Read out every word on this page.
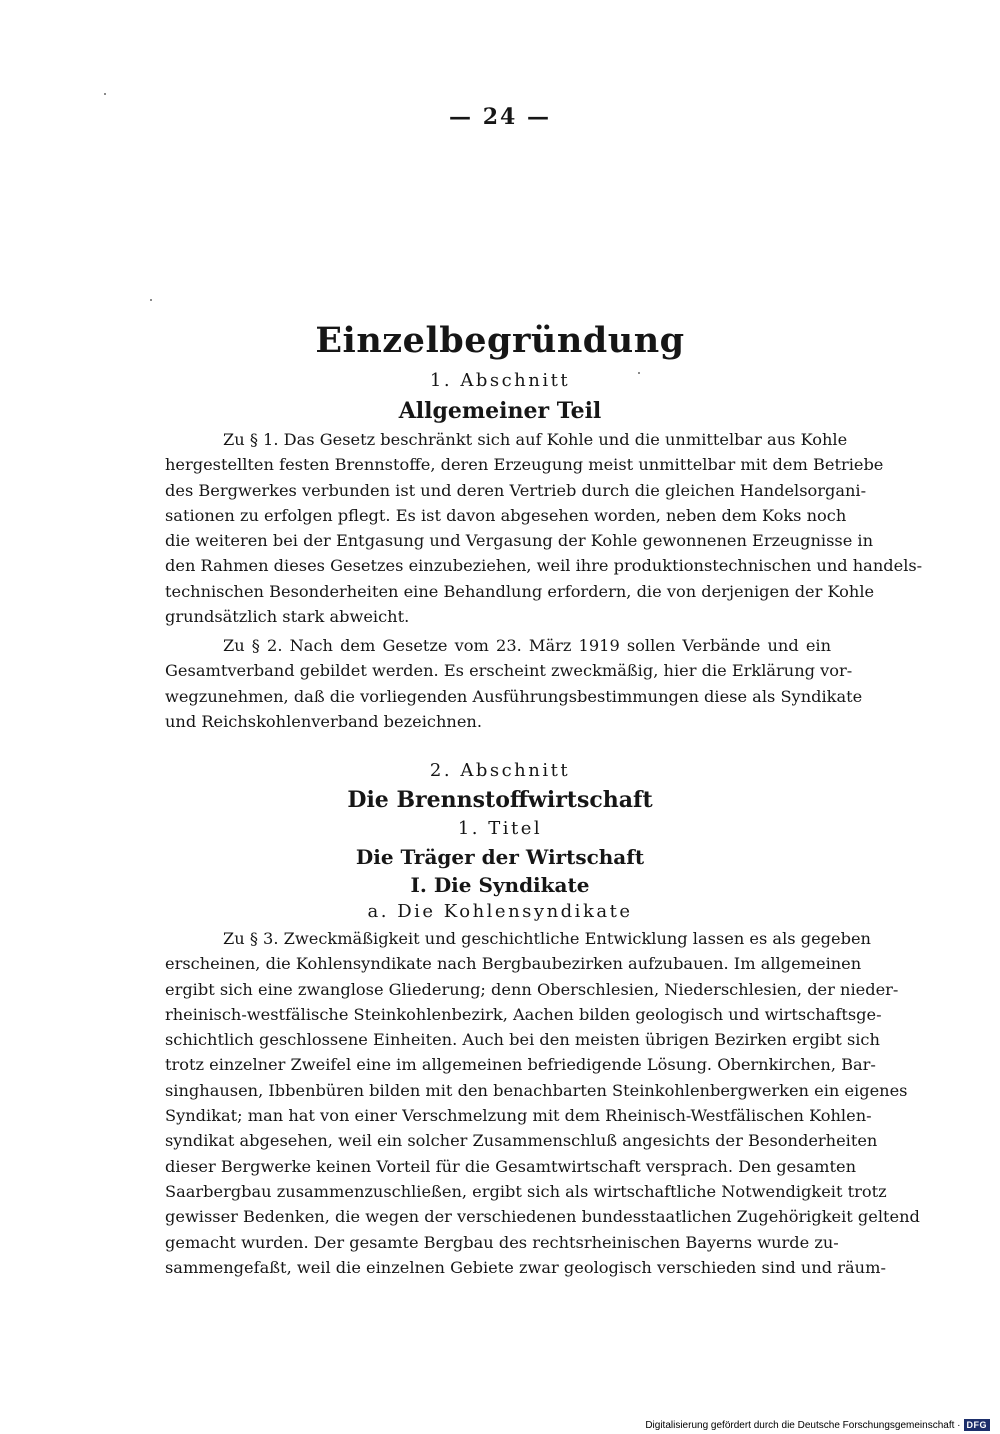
— 24 —
Einzelbegründung
1. Abschnitt
Allgemeiner Teil
Zu § 1. Das Gesetz beschränkt sich auf Kohle und die unmittelbar aus Kohle
hergestellten festen Brennstoffe, deren Erzeugung meist unmittelbar mit dem Betriebe
des Bergwerkes verbunden ist und deren Vertrieb durch die gleichen Handelsorgani-
sationen zu erfolgen pflegt. Es ist davon abgesehen worden, neben dem Koks noch
die weiteren bei der Entgasung und Vergasung der Kohle gewonnenen Erzeugnisse in
den Rahmen dieses Gesetzes einzubeziehen, weil ihre produktionstechnischen und handels-
technischen Besonderheiten eine Behandlung erfordern, die von derjenigen der Kohle
grundsätzlich stark abweicht.
Zu § 2. Nach dem Gesetze vom 23. März 1919 sollen Verbände und ein
Gesamtverband gebildet werden. Es erscheint zweckmäßig, hier die Erklärung vor-
wegzunehmen, daß die vorliegenden Ausführungsbestimmungen diese als Syndikate
und Reichskohlenverband bezeichnen.
2. Abschnitt
Die Brennstoffwirtschaft
1. Titel
Die Träger der Wirtschaft
I. Die Syndikate
a. Die Kohlensyndikate
Zu § 3. Zweckmäßigkeit und geschichtliche Entwicklung lassen es als gegeben
erscheinen, die Kohlensyndikate nach Bergbaubezirken aufzubauen. Im allgemeinen
ergibt sich eine zwanglose Gliederung; denn Oberschlesien, Niederschlesien, der nieder-
rheinisch-westfälische Steinkohlenbezirk, Aachen bilden geologisch und wirtschaftsge-
schichtlich geschlossene Einheiten. Auch bei den meisten übrigen Bezirken ergibt sich
trotz einzelner Zweifel eine im allgemeinen befriedigende Lösung. Obernkirchen, Bar-
singhausen, Ibbenbüren bilden mit den benachbarten Steinkohlenbergwerken ein eigenes
Syndikat; man hat von einer Verschmelzung mit dem Rheinisch-Westfälischen Kohlen-
syndikat abgesehen, weil ein solcher Zusammenschluß angesichts der Besonderheiten
dieser Bergwerke keinen Vorteil für die Gesamtwirtschaft versprach. Den gesamten
Saarbergbau zusammenzuschließen, ergibt sich als wirtschaftliche Notwendigkeit trotz
gewisser Bedenken, die wegen der verschiedenen bundesstaatlichen Zugehörigkeit geltend
gemacht wurden. Der gesamte Bergbau des rechtsrheinischen Bayerns wurde zu-
sammengefaßt, weil die einzelnen Gebiete zwar geologisch verschieden sind und räum-
Digitalisierung gefördert durch die Deutsche Forschungsgemeinschaft · DFG
